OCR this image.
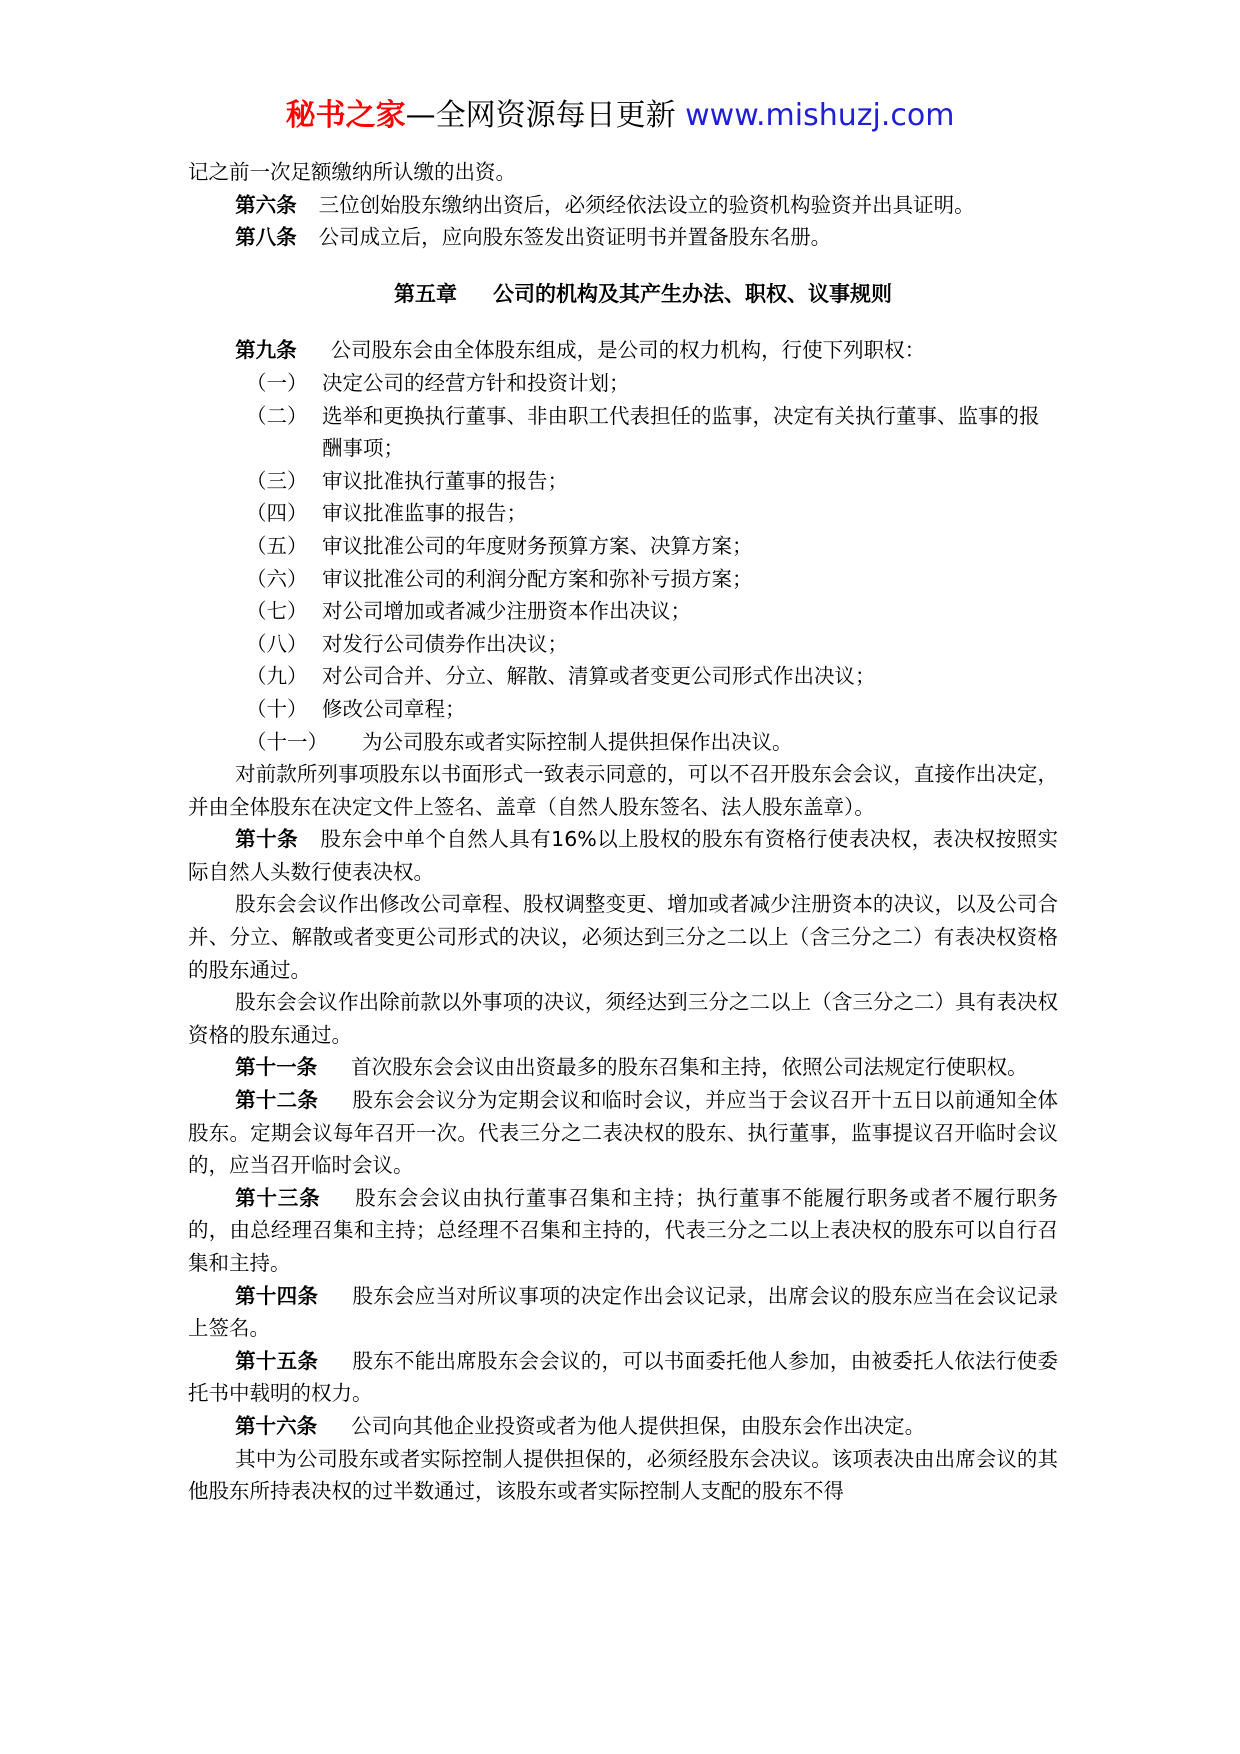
秘书之家—全网资源每日更新 www.mishuzj.com

记之前一次足额缴纳所认缴的出资。

第六条 三位创始股东缴纳出资后，必须经依法设立的验资机构验资并出具证明。

第八条 公司成立后，应向股东签发出资证明书并置备股东名册。

第五章 公司的机构及其产生办法、职权、议事规则

第九条 公司股东会由全体股东组成，是公司的权力机构，行使下列职权：

（一） 决定公司的经营方针和投资计划；
（二） 选举和更换执行董事、非由职工代表担任的监事，决定有关执行董事、监事的报酬事项；
（三） 审议批准执行董事的报告；
（四） 审议批准监事的报告；
（五） 审议批准公司的年度财务预算方案、决算方案；
（六） 审议批准公司的利润分配方案和弥补亏损方案；
（七） 对公司增加或者减少注册资本作出决议；
（八） 对发行公司债券作出决议；
（九） 对公司合并、分立、解散、清算或者变更公司形式作出决议；
（十） 修改公司章程；
（十一）	为公司股东或者实际控制人提供担保作出决议。

对前款所列事项股东以书面形式一致表示同意的，可以不召开股东会会议，直接作出决定，并由全体股东在决定文件上签名、盖章（自然人股东签名、法人股东盖章）。

第十条 股东会中单个自然人具有16%以上股权的股东有资格行使表决权，表决权按照实际自然人头数行使表决权。

股东会会议作出修改公司章程、股权调整变更、增加或者减少注册资本的决议，以及公司合并、分立、解散或者变更公司形式的决议，必须达到三分之二以上（含三分之二）有表决权资格的股东通过。

股东会会议作出除前款以外事项的决议，须经达到三分之二以上（含三分之二）具有表决权资格的股东通过。

第十一条 首次股东会会议由出资最多的股东召集和主持，依照公司法规定行使职权。

第十二条 股东会会议分为定期会议和临时会议，并应当于会议召开十五日以前通知全体股东。定期会议每年召开一次。代表三分之二表决权的股东、执行董事，监事提议召开临时会议的，应当召开临时会议。

第十三条 股东会会议由执行董事召集和主持；执行董事不能履行职务或者不履行职务的，由总经理召集和主持；总经理不召集和主持的，代表三分之二以上表决权的股东可以自行召集和主持。

第十四条 股东会应当对所议事项的决定作出会议记录，出席会议的股东应当在会议记录上签名。

第十五条 股东不能出席股东会会议的，可以书面委托他人参加，由被委托人依法行使委托书中载明的权力。

第十六条 公司向其他企业投资或者为他人提供担保，由股东会作出决定。

其中为公司股东或者实际控制人提供担保的，必须经股东会决议。该项表决由出席会议的其他股东所持表决权的过半数通过，该股东或者实际控制人支配的股东不得
